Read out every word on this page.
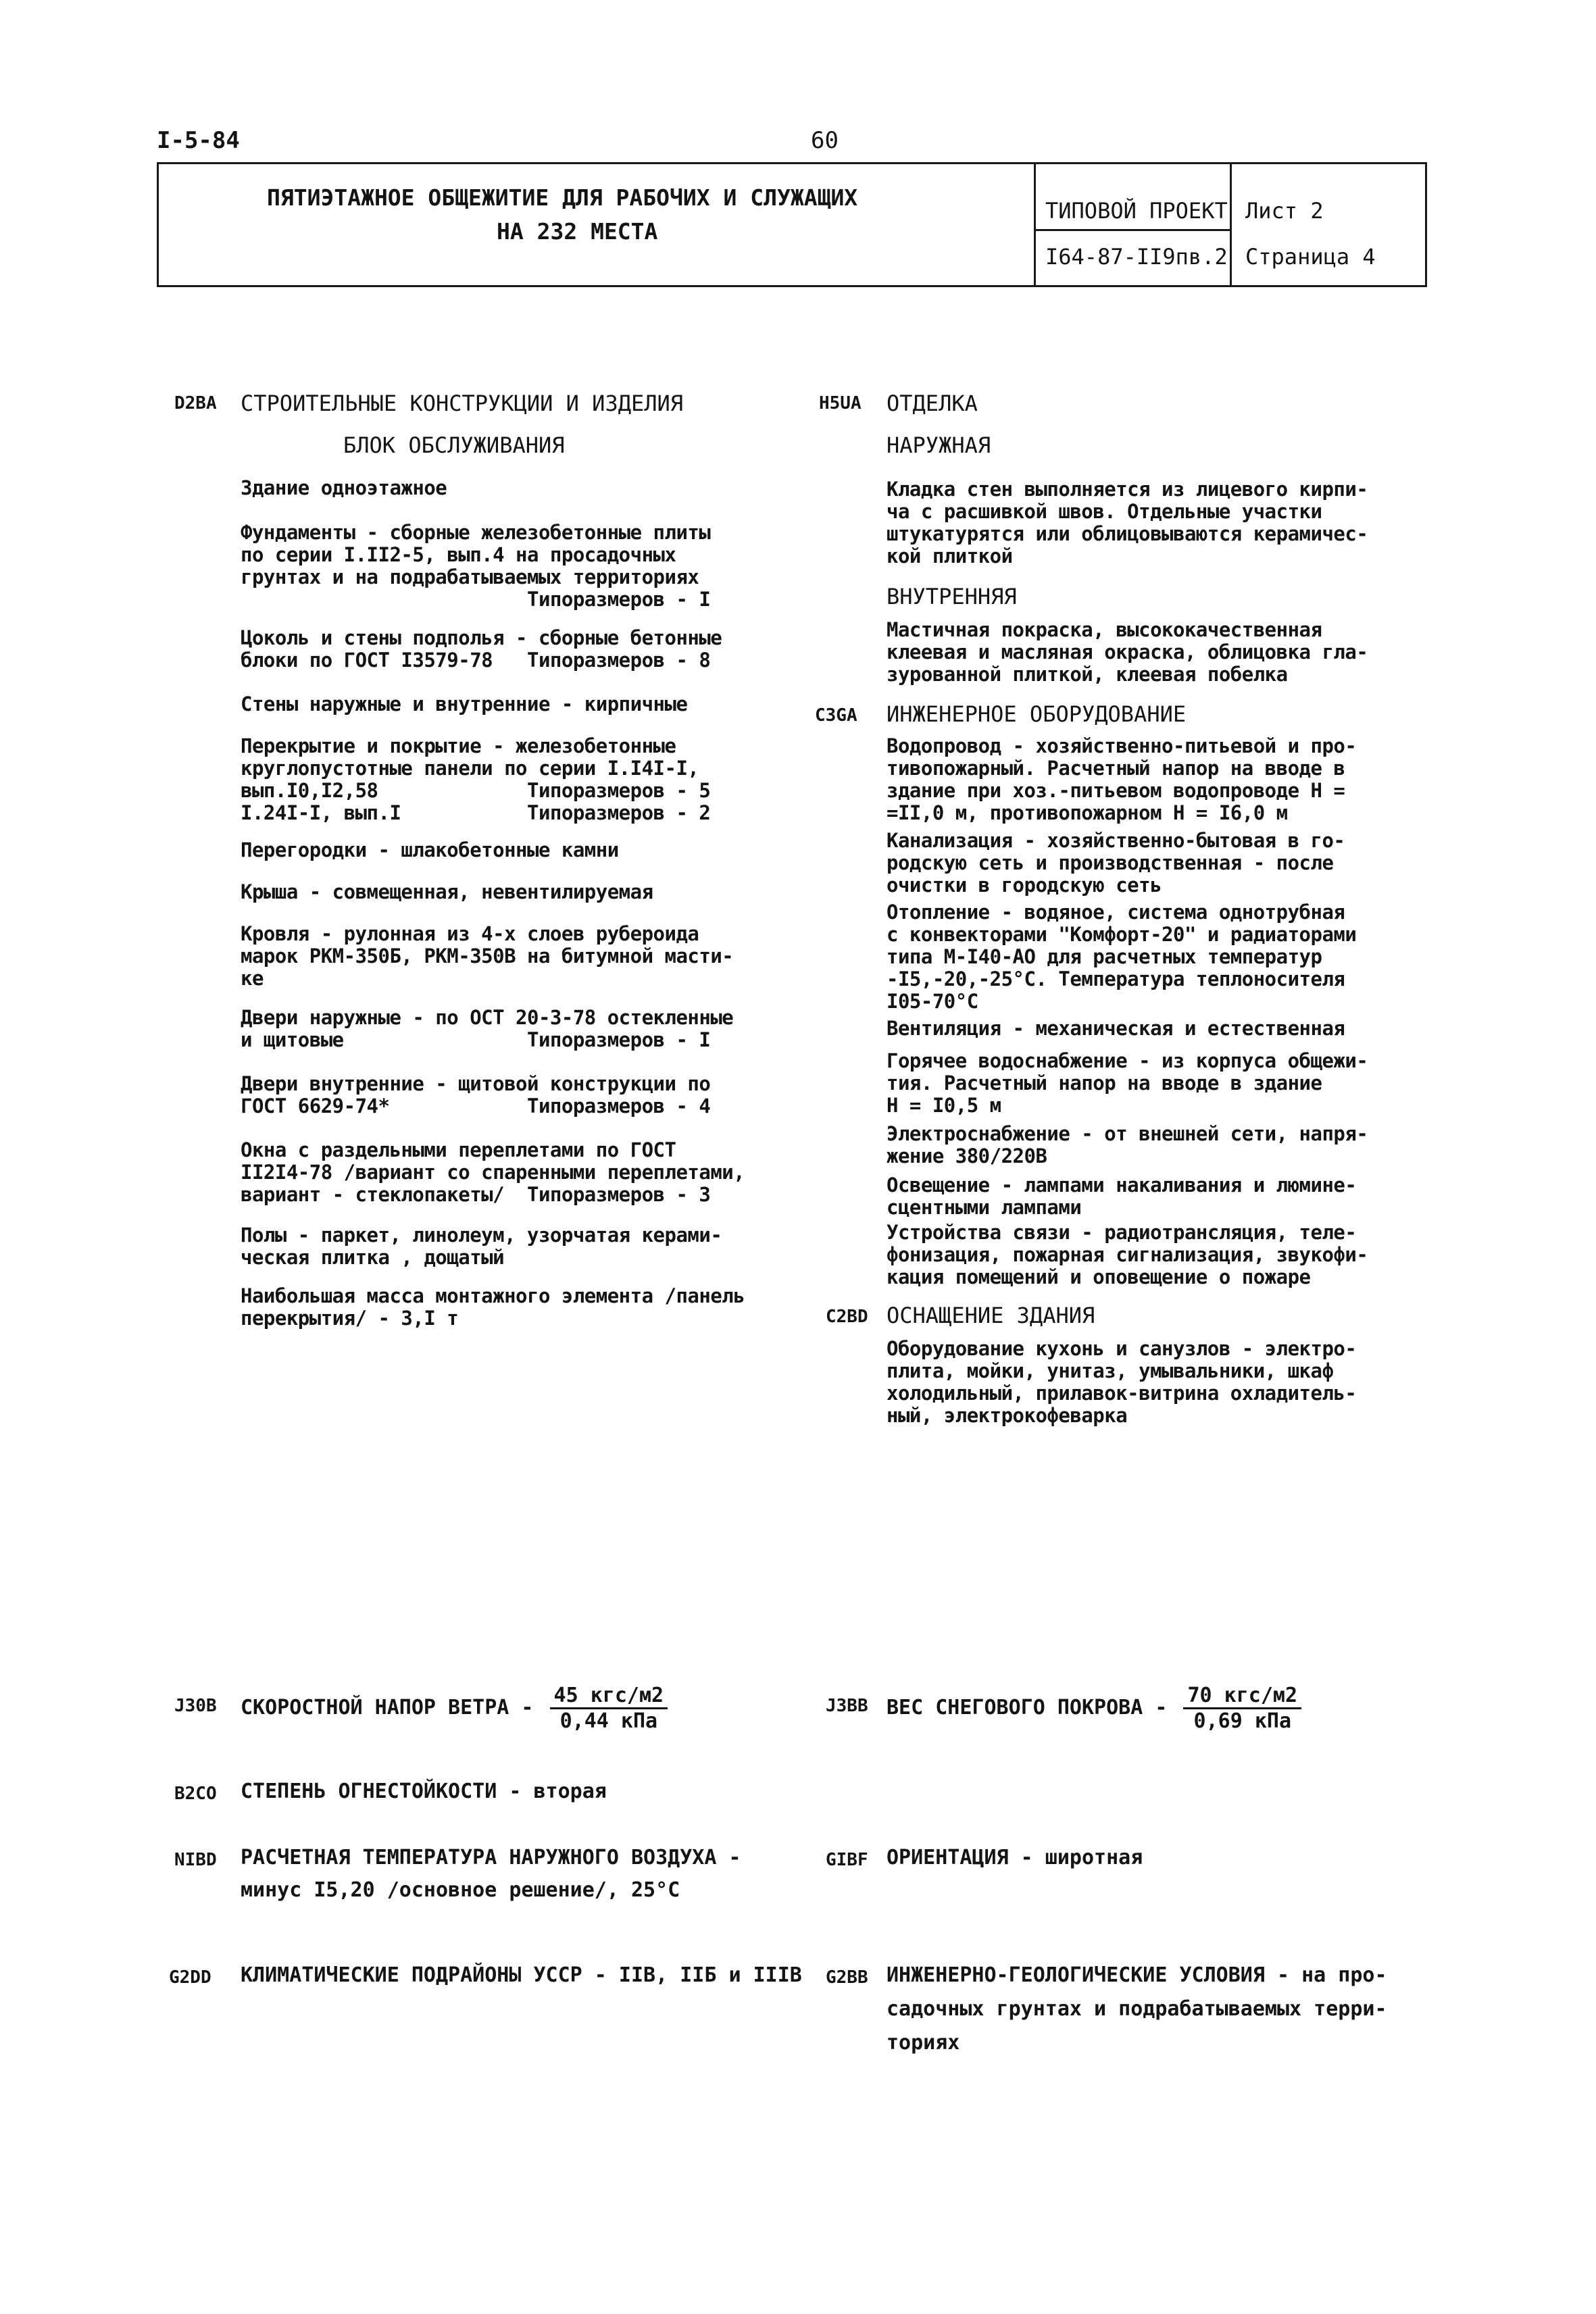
I-5-84	60
ПЯТИЭТАЖНОЕ ОБЩЕЖИТИЕ ДЛЯ РАБОЧИХ И СЛУЖАЩИХ
НА 232 МЕСТА
ТИПОВОЙ ПРОЕКТ
I64-87-II9пв.2
Лист 2
Страница 4
D2BA СТРОИТЕЛЬНЫЕ КОНСТРУКЦИИ И ИЗДЕЛИЯ
БЛОК ОБСЛУЖИВАНИЯ
Здание одноэтажное
Фундаменты - сборные железобетонные плиты
по серии I.II2-5, вып.4 на просадочных
грунтах и на подрабатываемых территориях
Типоразмеров - I
Цоколь и стены подполья - сборные бетонные
блоки по ГОСТ I3579-78   Типоразмеров - 8
Стены наружные и внутренние - кирпичные
Перекрытие и покрытие - железобетонные
круглопустотные панели по серии I.I4I-I,
вып.I0,I2,58             Типоразмеров - 5
I.24I-I, вып.I           Типоразмеров - 2
Перегородки - шлакобетонные камни
Крыша - совмещенная, невентилируемая
Кровля - рулонная из 4-х слоев рубероида
марок РКМ-350Б, РКМ-350В на битумной масти-
ке
Двери наружные - по ОСТ 20-3-78 остекленные
и щитовые                Типоразмеров - I
Двери внутренние - щитовой конструкции по
ГОСТ 6629-74*            Типоразмеров - 4
Окна с раздельными переплетами по ГОСТ
II2I4-78 /вариант со спаренными переплетами,
вариант - стеклопакеты/  Типоразмеров - 3
Полы - паркет, линолеум, узорчатая керами-
ческая плитка , дощатый
Наибольшая масса монтажного элемента /панель
перекрытия/ - 3,I т
H5UA ОТДЕЛКА
НАРУЖНАЯ
Кладка стен выполняется из лицевого кирпи-
ча с расшивкой швов. Отдельные участки
штукатурятся или облицовываются керамичес-
кой плиткой
ВНУТРЕННЯЯ
Мастичная покраска, высококачественная
клеевая и масляная окраска, облицовка гла-
зурованной плиткой, клеевая побелка
C3GA ИНЖЕНЕРНОЕ ОБОРУДОВАНИЕ
Водопровод - хозяйственно-питьевой и про-
тивопожарный. Расчетный напор на вводе в
здание при хоз.-питьевом водопроводе Н =
=II,0 м, противопожарном Н = I6,0 м
Канализация - хозяйственно-бытовая в го-
родскую сеть и производственная - после
очистки в городскую сеть
Отопление - водяное, система однотрубная
с конвекторами "Комфорт-20" и радиаторами
типа М-I40-АО для расчетных температур
-I5,-20,-25°С. Температура теплоносителя
I05-70°С
Вентиляция - механическая и естественная
Горячее водоснабжение - из корпуса общежи-
тия. Расчетный напор на вводе в здание
Н = I0,5 м
Электроснабжение - от внешней сети, напря-
жение 380/220В
Освещение - лампами накаливания и люмине-
сцентными лампами
Устройства связи - радиотрансляция, теле-
фонизация, пожарная сигнализация, звукофи-
кация помещений и оповещение о пожаре
C2BD ОСНАЩЕНИЕ ЗДАНИЯ
Оборудование кухонь и санузлов - электро-
плита, мойки, унитаз, умывальники, шкаф
холодильный, прилавок-витрина охладитель-
ный, электрокофеварка
J30B СКОРОСТНОЙ НАПОР ВЕТРА - $\frac{\text{45 кгс/м2}}{\text{0,44 кПа}}$	J3BB ВЕС СНЕГОВОГО ПОКРОВА - $\frac{\text{70 кгс/м2}}{\text{0,69 кПа}}$
B2CO СТЕПЕНЬ ОГНЕСТОЙКОСТИ - вторая
NIBD РАСЧЕТНАЯ ТЕМПЕРАТУРА НАРУЖНОГО ВОЗДУХА -
минус I5,20 /основное решение/, 25°С
GIBF ОРИЕНТАЦИЯ - широтная
G2DD КЛИМАТИЧЕСКИЕ ПОДРАЙОНЫ УССР - IIВ, IIБ и IIIВ G2BB ИНЖЕНЕРНО-ГЕОЛОГИЧЕСКИЕ УСЛОВИЯ - на про-
садочных грунтах и подрабатываемых терри-
ториях
